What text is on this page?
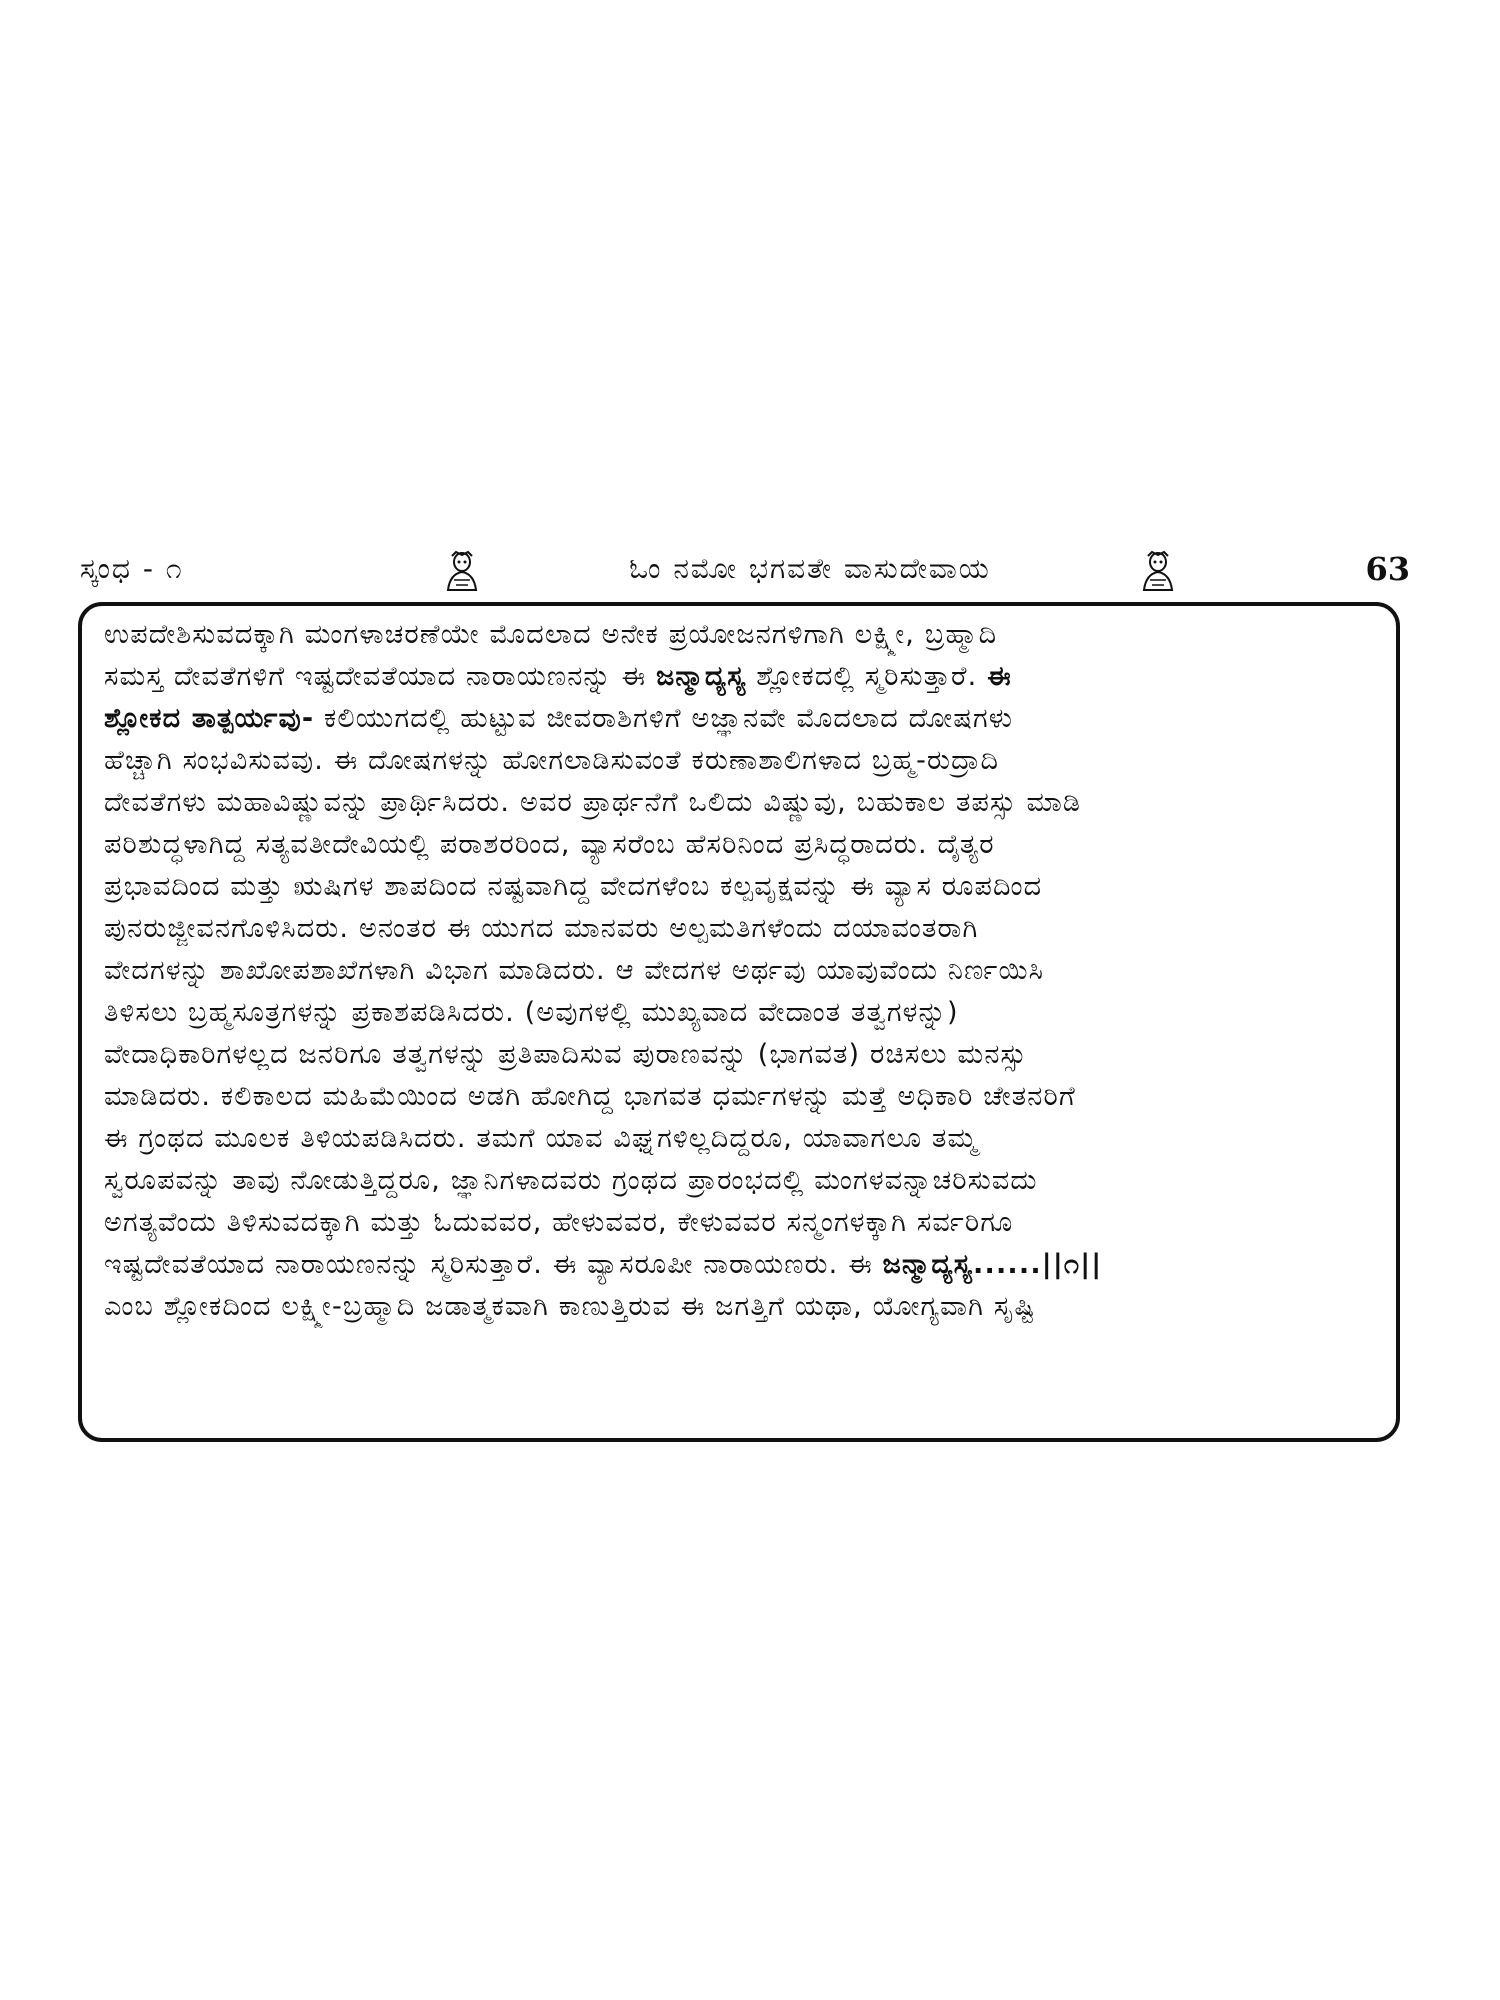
ಸ್ಕಂಧ - ೧	ಓಂ ನಮೋ ಭಗವತೇ ವಾಸುದೇವಾಯ	63
ಉಪದೇಶಿಸುವದಕ್ಕಾಗಿ ಮಂಗಳಾಚರಣೆಯೇ ಮೊದಲಾದ ಅನೇಕ ಪ್ರಯೋಜನಗಳಿಗಾಗಿ ಲಕ್ಷ್ಮೀ, ಬ್ರಹ್ಮಾದಿ
ಸಮಸ್ತ ದೇವತೆಗಳಿಗೆ ಇಷ್ಟದೇವತೆಯಾದ ನಾರಾಯಣನನ್ನು ಈ ಜನ್ಮಾದ್ಯಸ್ಯ ಶ್ಲೋಕದಲ್ಲಿ ಸ್ಮರಿಸುತ್ತಾರೆ. ಈ
ಶ್ಲೋಕದ ತಾತ್ಪರ್ಯವು- ಕಲಿಯುಗದಲ್ಲಿ ಹುಟ್ಟುವ ಜೀವರಾಶಿಗಳಿಗೆ ಅಜ್ಞಾನವೇ ಮೊದಲಾದ ದೋಷಗಳು
ಹೆಚ್ಚಾಗಿ ಸಂಭವಿಸುವವು. ಈ ದೋಷಗಳನ್ನು ಹೋಗಲಾಡಿಸುವಂತೆ ಕರುಣಾಶಾಲಿಗಳಾದ ಬ್ರಹ್ಮ-ರುದ್ರಾದಿ
ದೇವತೆಗಳು ಮಹಾವಿಷ್ಣುವನ್ನು ಪ್ರಾರ್ಥಿಸಿದರು. ಅವರ ಪ್ರಾರ್ಥನೆಗೆ ಒಲಿದು ವಿಷ್ಣುವು, ಬಹುಕಾಲ ತಪಸ್ಸು ಮಾಡಿ
ಪರಿಶುದ್ಧಳಾಗಿದ್ದ ಸತ್ಯವತೀದೇವಿಯಲ್ಲಿ ಪರಾಶರರಿಂದ, ವ್ಯಾಸರೆಂಬ ಹೆಸರಿನಿಂದ ಪ್ರಸಿದ್ಧರಾದರು. ದೈತ್ಯರ
ಪ್ರಭಾವದಿಂದ ಮತ್ತು ಋಷಿಗಳ ಶಾಪದಿಂದ ನಷ್ಟವಾಗಿದ್ದ ವೇದಗಳೆಂಬ ಕಲ್ಪವೃಕ್ಷವನ್ನು ಈ ವ್ಯಾಸ ರೂಪದಿಂದ
ಪುನರುಜ್ಜೀವನಗೊಳಿಸಿದರು. ಅನಂತರ ಈ ಯುಗದ ಮಾನವರು ಅಲ್ಪಮತಿಗಳೆಂದು ದಯಾವಂತರಾಗಿ
ವೇದಗಳನ್ನು ಶಾಖೋಪಶಾಖೆಗಳಾಗಿ ವಿಭಾಗ ಮಾಡಿದರು. ಆ ವೇದಗಳ ಅರ್ಥವು ಯಾವುವೆಂದು ನಿರ್ಣಯಿಸಿ
ತಿಳಿಸಲು ಬ್ರಹ್ಮಸೂತ್ರಗಳನ್ನು ಪ್ರಕಾಶಪಡಿಸಿದರು. (ಅವುಗಳಲ್ಲಿ ಮುಖ್ಯವಾದ ವೇದಾಂತ ತತ್ವಗಳನ್ನು)
ವೇದಾಧಿಕಾರಿಗಳಲ್ಲದ ಜನರಿಗೂ ತತ್ವಗಳನ್ನು ಪ್ರತಿಪಾದಿಸುವ ಪುರಾಣವನ್ನು (ಭಾಗವತ) ರಚಿಸಲು ಮನಸ್ಸು
ಮಾಡಿದರು. ಕಲಿಕಾಲದ ಮಹಿಮೆಯಿಂದ ಅಡಗಿ ಹೋಗಿದ್ದ ಭಾಗವತ ಧರ್ಮಗಳನ್ನು ಮತ್ತೆ ಅಧಿಕಾರಿ ಚೇತನರಿಗೆ
ಈ ಗ್ರಂಥದ ಮೂಲಕ ತಿಳಿಯಪಡಿಸಿದರು. ತಮಗೆ ಯಾವ ವಿಘ್ನಗಳಿಲ್ಲದಿದ್ದರೂ, ಯಾವಾಗಲೂ ತಮ್ಮ
ಸ್ವರೂಪವನ್ನು ತಾವು ನೋಡುತ್ತಿದ್ದರೂ, ಜ್ಞಾನಿಗಳಾದವರು ಗ್ರಂಥದ ಪ್ರಾರಂಭದಲ್ಲಿ ಮಂಗಳವನ್ನಾಚರಿಸುವದು
ಅಗತ್ಯವೆಂದು ತಿಳಿಸುವದಕ್ಕಾಗಿ ಮತ್ತು ಓದುವವರ, ಹೇಳುವವರ, ಕೇಳುವವರ ಸನ್ಮಂಗಳಕ್ಕಾಗಿ ಸರ್ವರಿಗೂ
ಇಷ್ಟದೇವತೆಯಾದ ನಾರಾಯಣನನ್ನು ಸ್ಮರಿಸುತ್ತಾರೆ. ಈ ವ್ಯಾಸರೂಪೀ ನಾರಾಯಣರು. ಈ ಜನ್ಮಾದ್ಯಸ್ಯ......||೧||
ಎಂಬ ಶ್ಲೋಕದಿಂದ ಲಕ್ಷ್ಮೀ-ಬ್ರಹ್ಮಾದಿ ಜಡಾತ್ಮಕವಾಗಿ ಕಾಣುತ್ತಿರುವ ಈ ಜಗತ್ತಿಗೆ ಯಥಾ, ಯೋಗ್ಯವಾಗಿ ಸೃಷ್ಟಿ
